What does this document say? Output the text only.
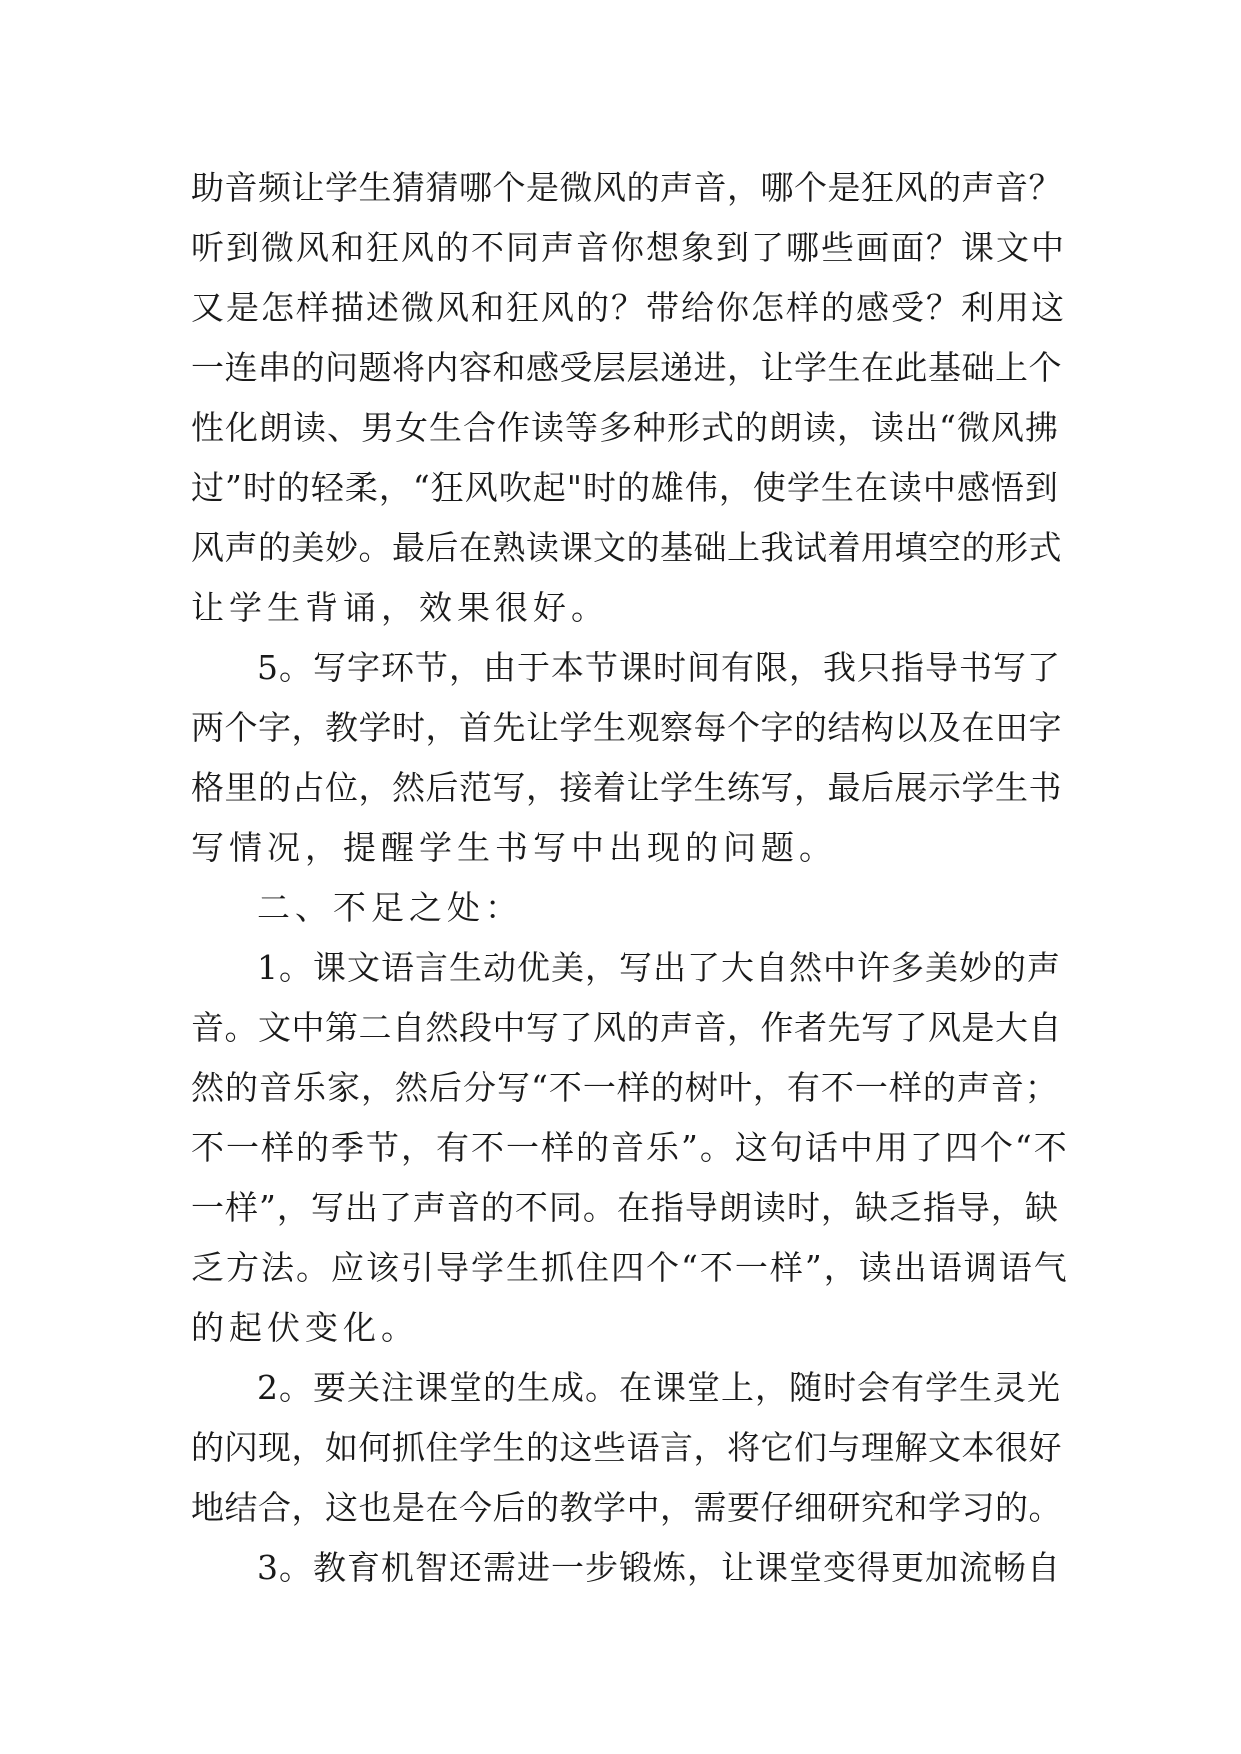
助音频让学生猜猜哪个是微风的声音，哪个是狂风的声音？
听到微风和狂风的不同声音你想象到了哪些画面？课文中
又是怎样描述微风和狂风的？带给你怎样的感受？利用这
一连串的问题将内容和感受层层递进，让学生在此基础上个
性化朗读、男女生合作读等多种形式的朗读，读出“微风拂
过”时的轻柔，“狂风吹起"时的雄伟，使学生在读中感悟到
风声的美妙。最后在熟读课文的基础上我试着用填空的形式
让学生背诵，效果很好。
5。写字环节，由于本节课时间有限，我只指导书写了
两个字，教学时，首先让学生观察每个字的结构以及在田字
格里的占位，然后范写，接着让学生练写，最后展示学生书
写情况，提醒学生书写中出现的问题。
二、不足之处：
1。课文语言生动优美，写出了大自然中许多美妙的声
音。文中第二自然段中写了风的声音，作者先写了风是大自
然的音乐家，然后分写“不一样的树叶，有不一样的声音；
不一样的季节，有不一样的音乐”。这句话中用了四个“不
一样”，写出了声音的不同。在指导朗读时，缺乏指导，缺
乏方法。应该引导学生抓住四个“不一样”，读出语调语气
的起伏变化。
2。要关注课堂的生成。在课堂上，随时会有学生灵光
的闪现，如何抓住学生的这些语言，将它们与理解文本很好
地结合，这也是在今后的教学中，需要仔细研究和学习的。
3。教育机智还需进一步锻炼，让课堂变得更加流畅自
